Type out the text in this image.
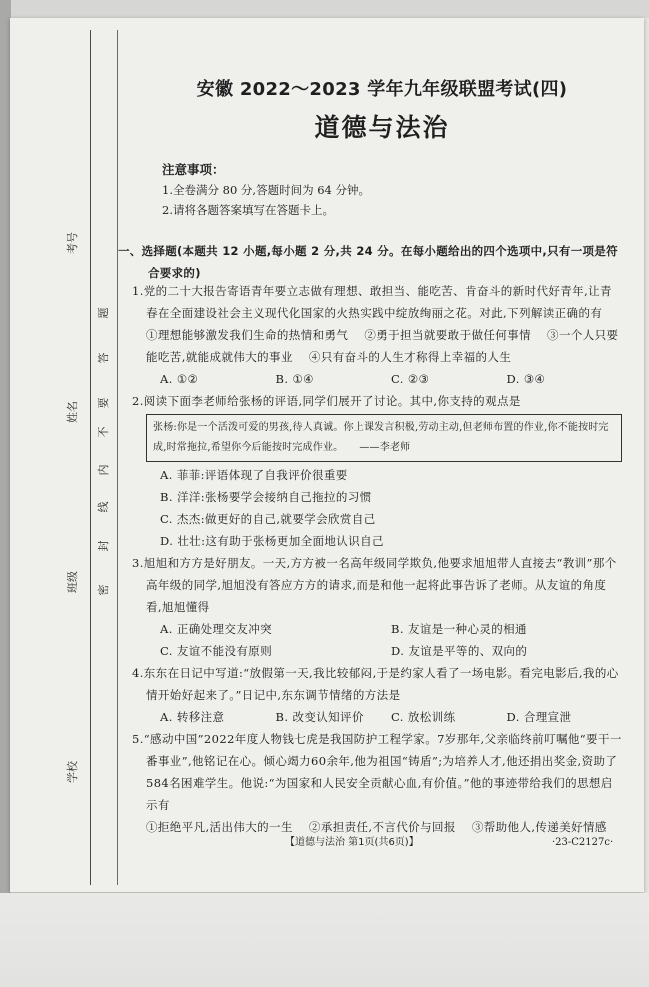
考号
姓名
班级
学校
题
答
要
不
内
线
封
密
安徽 2022～2023 学年九年级联盟考试(四)
道德与法治
注意事项：
1.全卷满分 80 分,答题时间为 64 分钟。
2.请将各题答案填写在答题卡上。
一、选择题(本题共 12 小题,每小题 2 分,共 24 分。在每小题给出的四个选项中,只有一项是符合要求的)

1.党的二十大报告寄语青年要立志做有理想、敢担当、能吃苦、肯奋斗的新时代好青年,让青春在全面建设社会主义现代化国家的火热实践中绽放绚丽之花。对此,下列解读正确的有

①理想能够激发我们生命的热情和勇气 ②勇于担当就要敢于做任何事情 ③一个人只要能吃苦,就能成就伟大的事业 ④只有奋斗的人生才称得上幸福的人生

A. ①②	B. ①④	C. ②③	D. ③④

2.阅读下面李老师给张杨的评语,同学们展开了讨论。其中,你支持的观点是

张杨:你是一个活泼可爱的男孩,待人真诚。你上课发言积极,劳动主动,但老师布置的作业,你不能按时完成,时常拖拉,希望你今后能按时完成作业。 ——李老师
A. 菲菲:评语体现了自我评价很重要
B. 洋洋:张杨要学会接纳自己拖拉的习惯
C. 杰杰:做更好的自己,就要学会欣赏自己
D. 壮壮:这有助于张杨更加全面地认识自己

3.旭旭和方方是好朋友。一天,方方被一名高年级同学欺负,他要求旭旭带人直接去“教训”那个高年级的同学,旭旭没有答应方方的请求,而是和他一起将此事告诉了老师。从友谊的角度看,旭旭懂得

A. 正确处理交友冲突	B. 友谊是一种心灵的相通
C. 友谊不能没有原则	D. 友谊是平等的、双向的

4.东东在日记中写道:“放假第一天,我比较郁闷,于是约家人看了一场电影。看完电影后,我的心情开始好起来了。”日记中,东东调节情绪的方法是

A. 转移注意	B. 改变认知评价	C. 放松训练	D. 合理宣泄

5.“感动中国”2022年度人物钱七虎是我国防护工程学家。7岁那年,父亲临终前叮嘱他“要干一番事业”,他铭记在心。倾心竭力60余年,他为祖国“铸盾”;为培养人才,他还捐出奖金,资助了584名困难学生。他说:“为国家和人民安全贡献心血,有价值。”他的事迹带给我们的思想启示有

①拒绝平凡,活出伟大的一生 ②承担责任,不言代价与回报 ③帮助他人,传递美好情感

【道德与法治 第1页(共6页)】	·23-C2127c·
